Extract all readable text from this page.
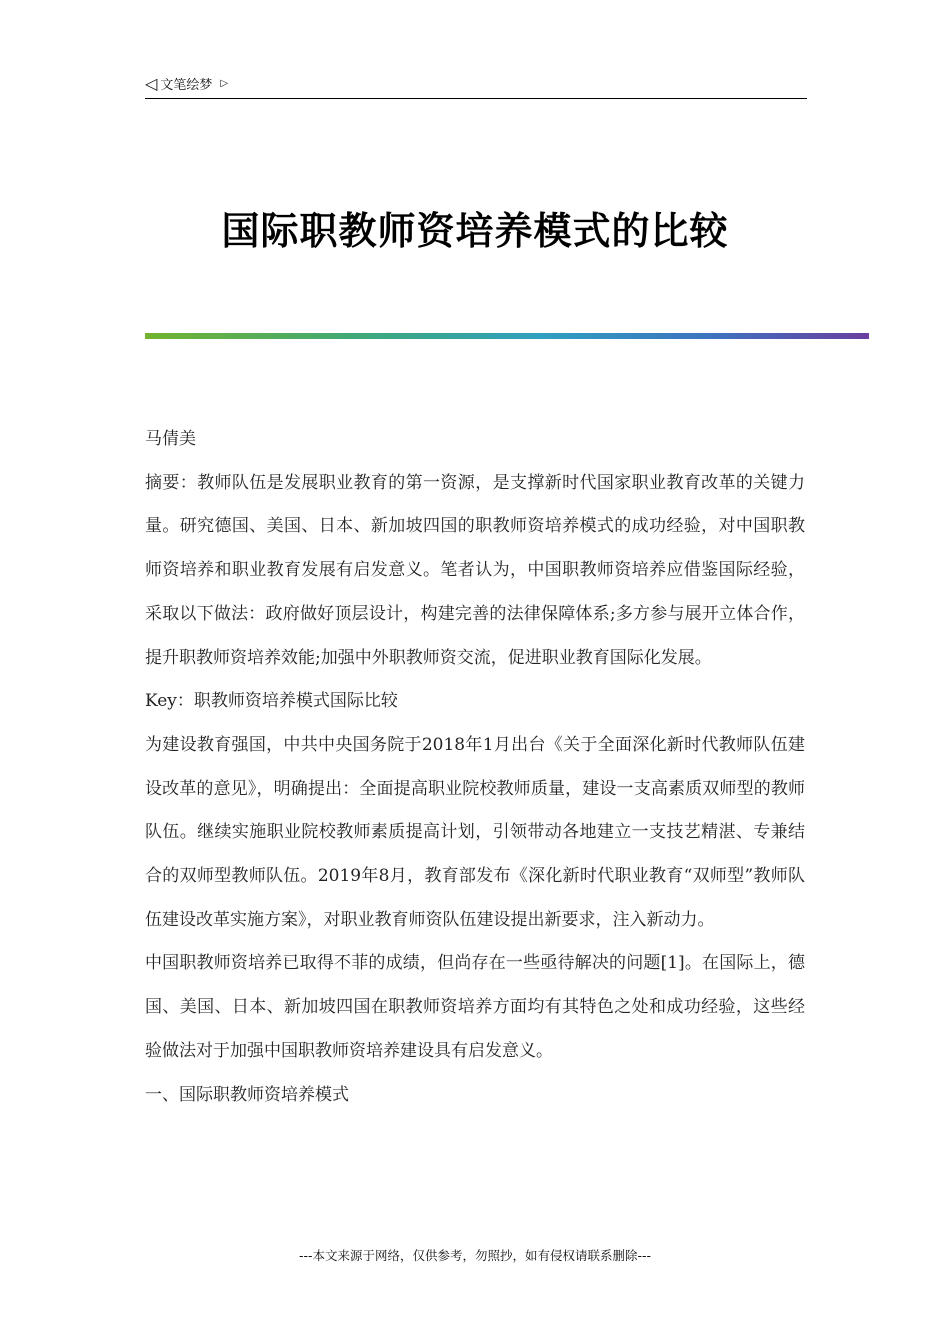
◁ 文笔绘梦 ▷
国际职教师资培养模式的比较

马倩美

摘要：教师队伍是发展职业教育的第一资源，是支撑新时代国家职业教育改革的关键力量。研究德国、美国、日本、新加坡四国的职教师资培养模式的成功经验，对中国职教师资培养和职业教育发展有启发意义。笔者认为，中国职教师资培养应借鉴国际经验，采取以下做法：政府做好顶层设计，构建完善的法律保障体系;多方参与展开立体合作，提升职教师资培养效能;加强中外职教师资交流，促进职业教育国际化发展。

Key：职教师资培养模式国际比较

为建设教育强国，中共中央国务院于2018年1月出台《关于全面深化新时代教师队伍建设改革的意见》，明确提出：全面提高职业院校教师质量，建设一支高素质双师型的教师队伍。继续实施职业院校教师素质提高计划，引领带动各地建立一支技艺精湛、专兼结合的双师型教师队伍。2019年8月，教育部发布《深化新时代职业教育“双师型”教师队伍建设改革实施方案》，对职业教育师资队伍建设提出新要求，注入新动力。

中国职教师资培养已取得不菲的成绩，但尚存在一些亟待解决的问题[1]。在国际上，德国、美国、日本、新加坡四国在职教师资培养方面均有其特色之处和成功经验，这些经验做法对于加强中国职教师资培养建设具有启发意义。

一、国际职教师资培养模式

---本文来源于网络，仅供参考，勿照抄，如有侵权请联系删除---
